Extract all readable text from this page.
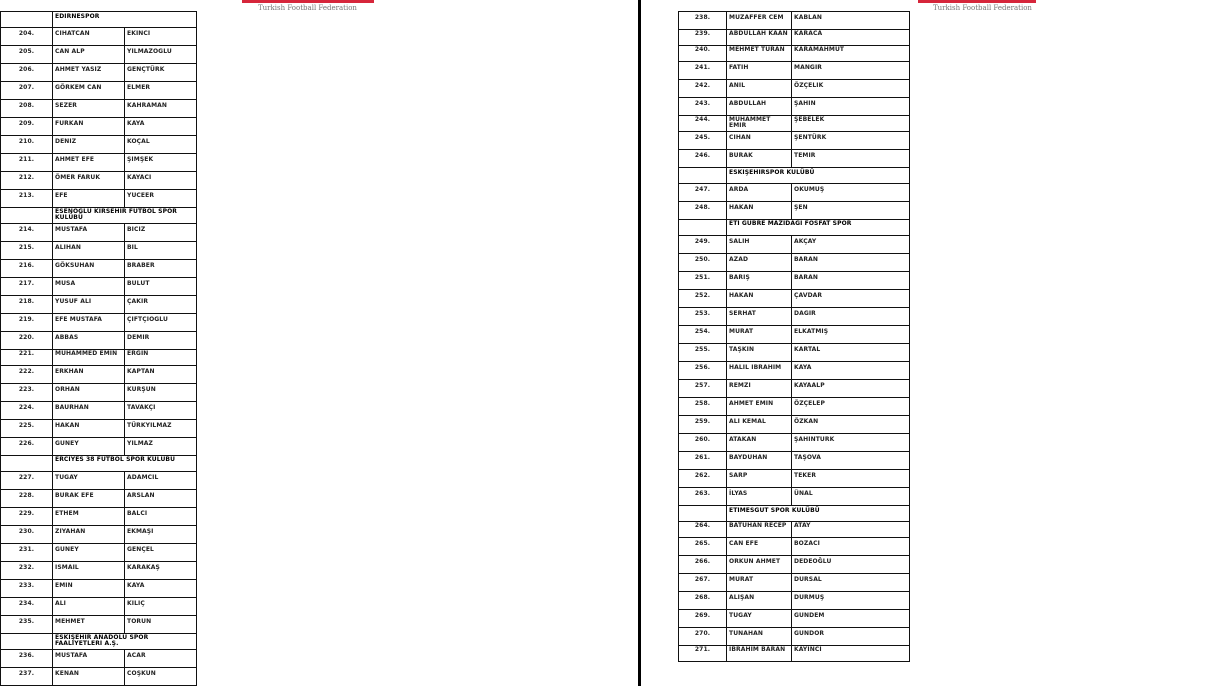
Turkish Football Federation
	EDIRNESPOR	
204.	CIHATCAN	EKINCI
205.	CAN ALP	YILMAZOGLU
206.	AHMET YASIZ	GENÇTÜRK
207.	GÖRKEM CAN	ELMER
208.	SEZER	KAHRAMAN
209.	FURKAN	KAYA
210.	DENIZ	KOÇAL
211.	AHMET EFE	ŞIMŞEK
212.	ÖMER FARUK	KAYACI
213.	EFE	YUCEER
	ESENOGLU KIRSEHIR FUTBOL SPOR KULÜBÜ	
214.	MUSTAFA	BICIZ
215.	ALIHAN	BIL
216.	GÖKSUHAN	BRABER
217.	MUSA	BULUT
218.	YUSUF ALI	ÇAKIR
219.	EFE MUSTAFA	ÇIFTÇIOGLU
220.	ABBAS	DEMIR
221.	MUHAMMED EMIN	ERGIN
222.	ERKHAN	KAPTAN
223.	ORHAN	KURŞUN
224.	BAURHAN	TAVAKÇI
225.	HAKAN	TÜRKYILMAZ
226.	GUNEY	YILMAZ
	ERCIYES 38 FUTBOL SPOR KULÜBÜ	
227.	TUGAY	ADAMCIL
228.	BURAK EFE	ARSLAN
229.	ETHEM	BALCI
230.	ZIYAHAN	EKMAŞI
231.	GUNEY	GENÇEL
232.	ISMAIL	KARAKAŞ
233.	EMIN	KAYA
234.	ALI	KILIÇ
235.	MEHMET	TORUN
	ESKIŞEHIR ANADOLU SPOR FAALIYETLERI A.Ş.	
236.	MUSTAFA	ACAR
237.	KENAN	COŞKUN
Turkish Football Federation
238.	MUZAFFER CEM	KABLAN
239.	ABDULLAH KAAN	KARACA
240.	MEHMET TURAN	KARAMAHMUT
241.	FATIH	MANGIR
242.	ANIL	ÖZÇELIK
243.	ABDULLAH	ŞAHIN
244.	MUHAMMET EMIR	ŞEBELEK
245.	CIHAN	ŞENTÜRK
246.	BURAK	TEMIR
	ESKIŞEHIRSPOR KULÜBÜ	
247.	ARDA	OKUMUŞ
248.	HAKAN	ŞEN
	ETI GUBRE MAZIDAGI FOSFAT SPOR	
249.	SALIH	AKÇAY
250.	AZAD	BARAN
251.	BARIŞ	BARAN
252.	HAKAN	ÇAVDAR
253.	SERHAT	DAGIR
254.	MURAT	ELKATMIŞ
255.	TAŞKIN	KARTAL
256.	HALIL IBRAHIM	KAYA
257.	REMZI	KAYAALP
258.	AHMET EMIN	ÖZÇELEP
259.	ALI KEMAL	ÖZKAN
260.	ATAKAN	ŞAHINTURK
261.	BAYDUHAN	TAŞOVA
262.	SARP	TEKER
263.	İLYAS	ÜNAL
	ETIMESGUT SPOR KULÜBÜ	
264.	BATUHAN RECEP	ATAY
265.	CAN EFE	BOZACI
266.	ORKUN AHMET	DEDEOĞLU
267.	MURAT	DURSAL
268.	ALIŞAN	DURMUŞ
269.	TUGAY	GUNDEM
270.	TUNAHAN	GUNDOR
271.	IBRAHIM BARAN	KAYINCI
